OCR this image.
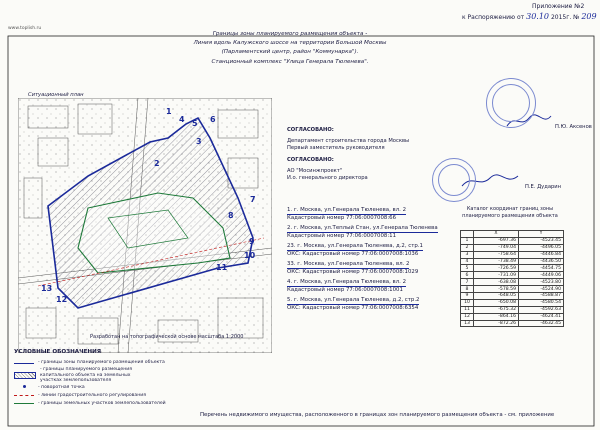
www.toplish.ru
Приложение №2
к Распоряжению от 30.10 2015г. № 209
Границы зоны планируемого размещения объекта -
Линия вдоль Калужского шоссе на территории Большой Москвы
(Парламентский центр, район "Коммунарка").
Станционный комплекс "Улица Генерала Тюленева".
Ситуационный план
1
2
3
4 5 6
7
8
9
10
11
12
13
Разработан на топографической основе масштаба 1:2000
СОГЛАСОВАНО:
Департамент строительства города Москвы
Первый заместитель руководителя
П.Ю. Аксенов
СОГЛАСОВАНО:
АО "Мосинжпроект"
И.о. генерального директора
П.Е. Дударин
Каталог координат границ зоны планируемого размещения объекта
	X	Y
1	-697.36	-4523.45
2	-749.04	-4496.05
3	-758.64	-4446.84
4	-738.49	-4436.50
5	-726.59	-4454.75
6	-731.09	-4449.06
7	-638.08	-4523.80
8	-578.59	-4524.90
9	-648.05	-4588.87
10	-650.08	-4580.54
11	-675.32	-4592.63
12	-864.16	-4624.41
13	-872.26	-4632.45
1. г. Москва, ул.Генерала Тюленева, вл. 2
Кадастровый номер 77:06:0007008:66
2. г. Москва, ул.Теплый Стан, ул.Генерала Тюленева
Кадастровый номер 77:06:0007008:11
23. г. Москва, ул.Генерала Тюленева, д.2, стр.1
ОКС: Кадастровый номер 77:06:0007008:1036
33. г. Москва, ул.Генерала Тюленева, вл. 2
ОКС: Кадастровый номер 77:06:0007008:1029
4. г. Москва, ул.Генерала Тюленева, вл. 2
Кадастровый номер 77:06:0007008:1001
5. г. Москва, ул.Генерала Тюленева, д.2, стр.2
ОКС: Кадастровый номер 77:06:0007008:6354
УСЛОВНЫЕ ОБОЗНАЧЕНИЯ
- границы зоны планируемого размещения объекта
- границы планируемого размещения капитального объекта на земельных участках землепользователя
- поворотная точка
- линии градостроительного регулирования
- границы земельных участков землепользователей
Перечень недвижимого имущества, расположенного в границах зон планируемого размещения объекта - см. приложение
